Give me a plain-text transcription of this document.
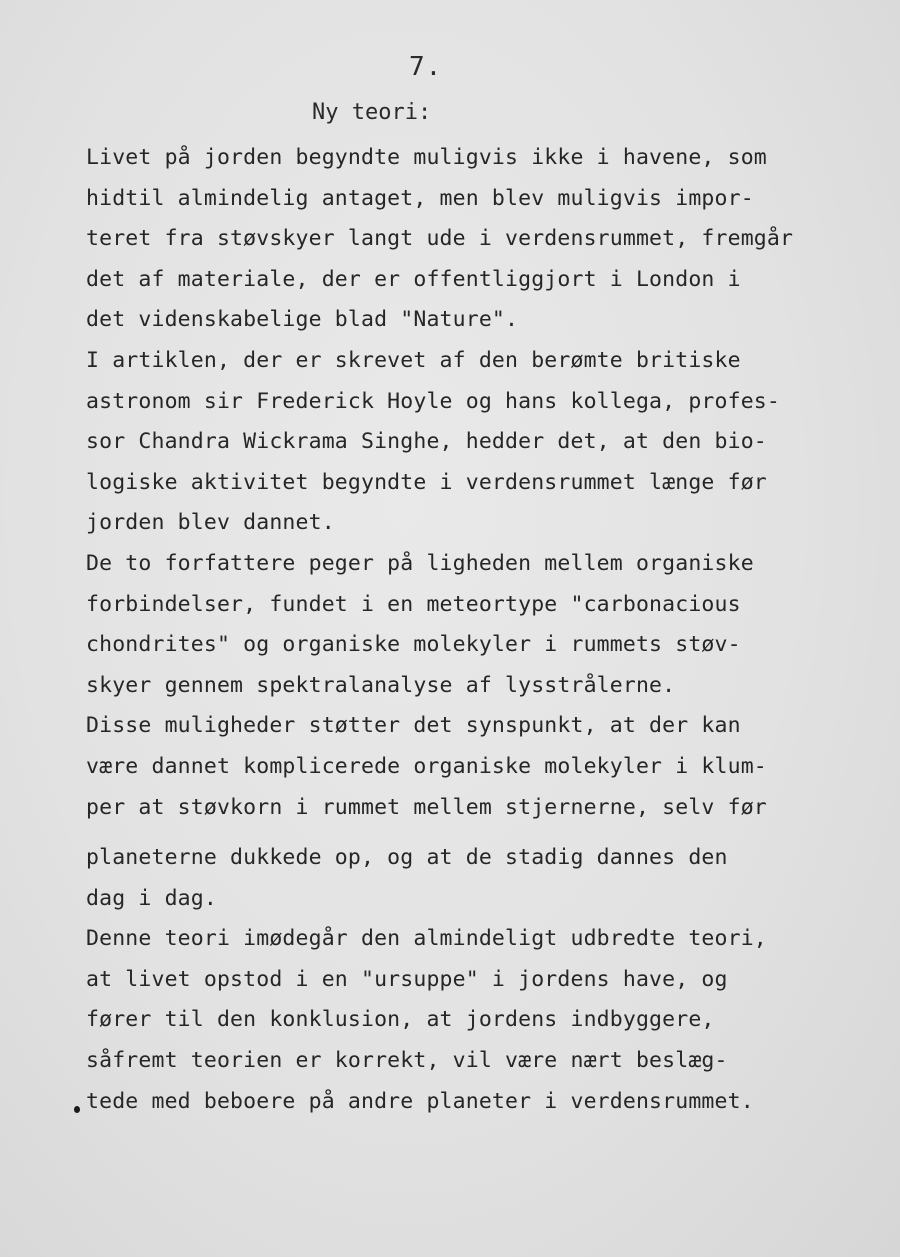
7.
Ny teori:
Livet på jorden begyndte muligvis ikke i havene, som
hidtil almindelig antaget, men blev muligvis impor-
teret fra støvskyer langt ude i verdensrummet, fremgår
det af materiale, der er offentliggjort i London i
det videnskabelige blad "Nature".
I artiklen, der er skrevet af den berømte britiske
astronom sir Frederick Hoyle og hans kollega, profes-
sor Chandra Wickrama Singhe, hedder det, at den bio-
logiske aktivitet begyndte i verdensrummet længe før
jorden blev dannet.
De to forfattere peger på ligheden mellem organiske
forbindelser, fundet i en meteortype "carbonacious
chondrites" og organiske molekyler i rummets støv-
skyer gennem spektralanalyse af lysstrålerne.
Disse muligheder støtter det synspunkt, at der kan
være dannet komplicerede organiske molekyler i klum-
per at støvkorn i rummet mellem stjernerne, selv før
planeterne dukkede op, og at de stadig dannes den
dag i dag.
Denne teori imødegår den almindeligt udbredte teori,
at livet opstod i en "ursuppe" i jordens have, og
fører til den konklusion, at jordens indbyggere,
såfremt teorien er korrekt, vil være nært beslæg-
tede med beboere på andre planeter i verdensrummet.
